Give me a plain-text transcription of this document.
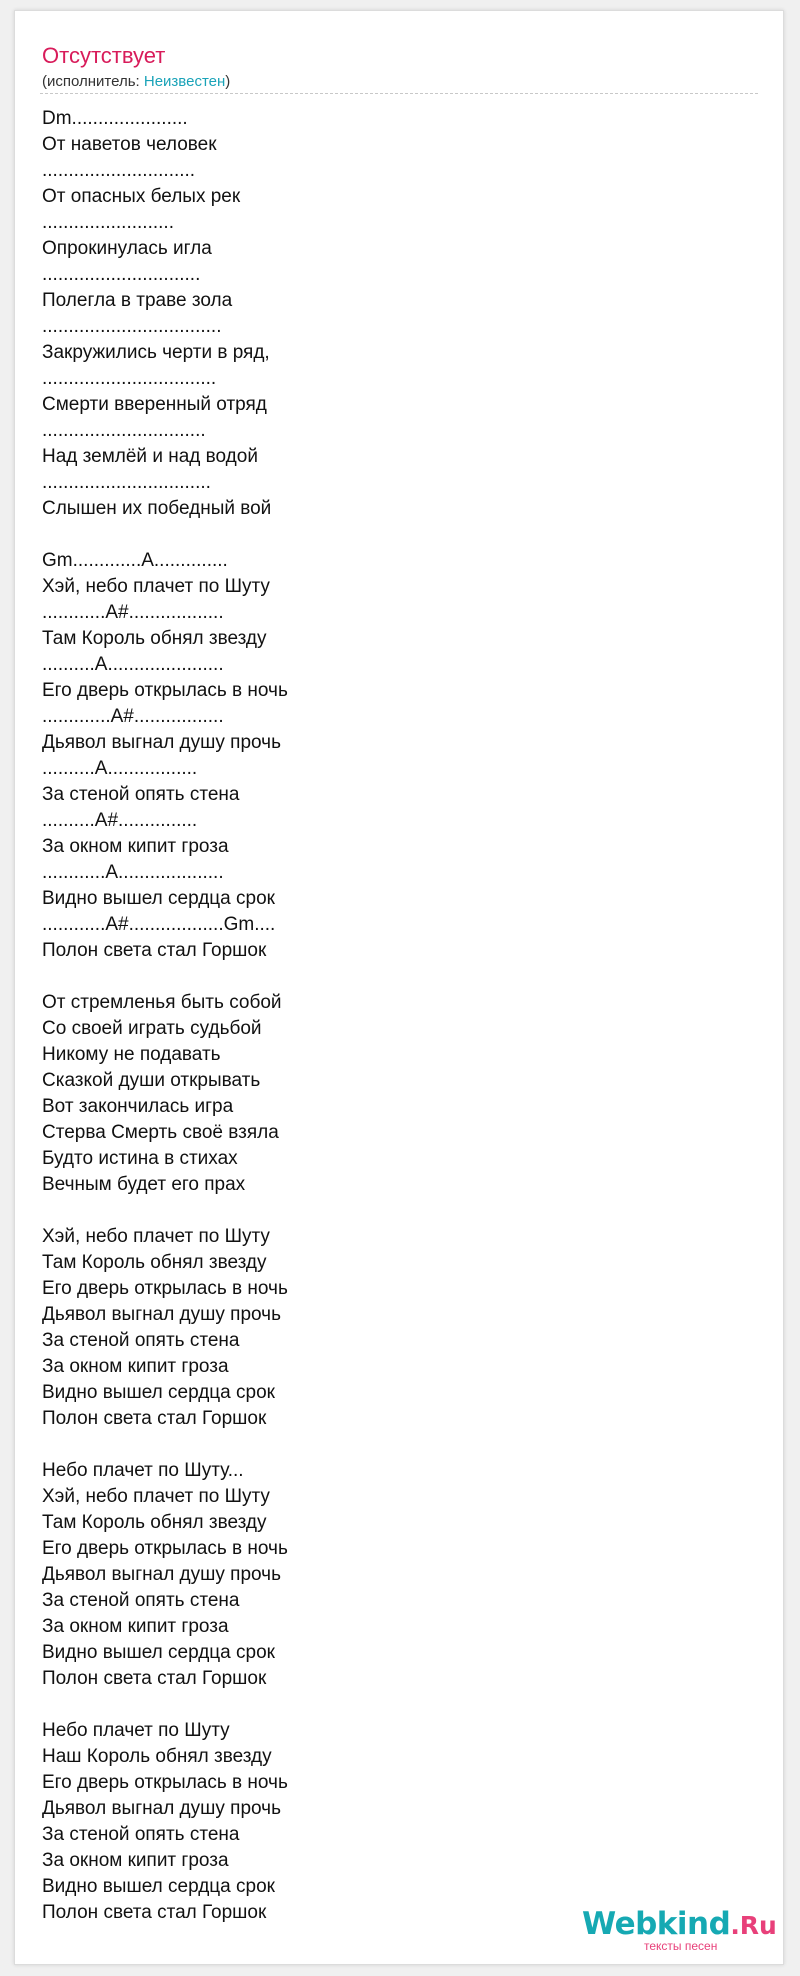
Отсутствует
(исполнитель: Неизвестен)
Dm......................
От наветов человек
.............................
От опасных белых рек
.........................
Опрокинулась игла
..............................
Полегла в траве зола
..................................
Закружились черти в ряд,
.................................
Смерти вверенный отряд
...............................
Над землёй и над водой
................................
Слышен их победный вой
Gm.............A..............
Хэй, небо плачет по Шуту
............A#..................
Там Король обнял звезду
..........A......................
Его дверь открылась в ночь
.............A#.................
Дьявол выгнал душу прочь
..........A.................
За стеной опять стена
..........A#...............
За окном кипит гроза
............A....................
Видно вышел сердца срок
............A#..................Gm....
Полон света стал Горшок
От стремленья быть собой
Со своей играть судьбой
Никому не подавать
Сказкой души открывать
Вот закончилась игра
Стерва Смерть своё взяла
Будто истина в стихах
Вечным будет его прах
Хэй, небо плачет по Шуту
Там Король обнял звезду
Его дверь открылась в ночь
Дьявол выгнал душу прочь
За стеной опять стена
За окном кипит гроза
Видно вышел сердца срок
Полон света стал Горшок
Небо плачет по Шуту...
Хэй, небо плачет по Шуту
Там Король обнял звезду
Его дверь открылась в ночь
Дьявол выгнал душу прочь
За стеной опять стена
За окном кипит гроза
Видно вышел сердца срок
Полон света стал Горшок
Небо плачет по Шуту
Наш Король обнял звезду
Его дверь открылась в ночь
Дьявол выгнал душу прочь
За стеной опять стена
За окном кипит гроза
Видно вышел сердца срок
Полон света стал Горшок	Webkind.Ru
тексты песен
